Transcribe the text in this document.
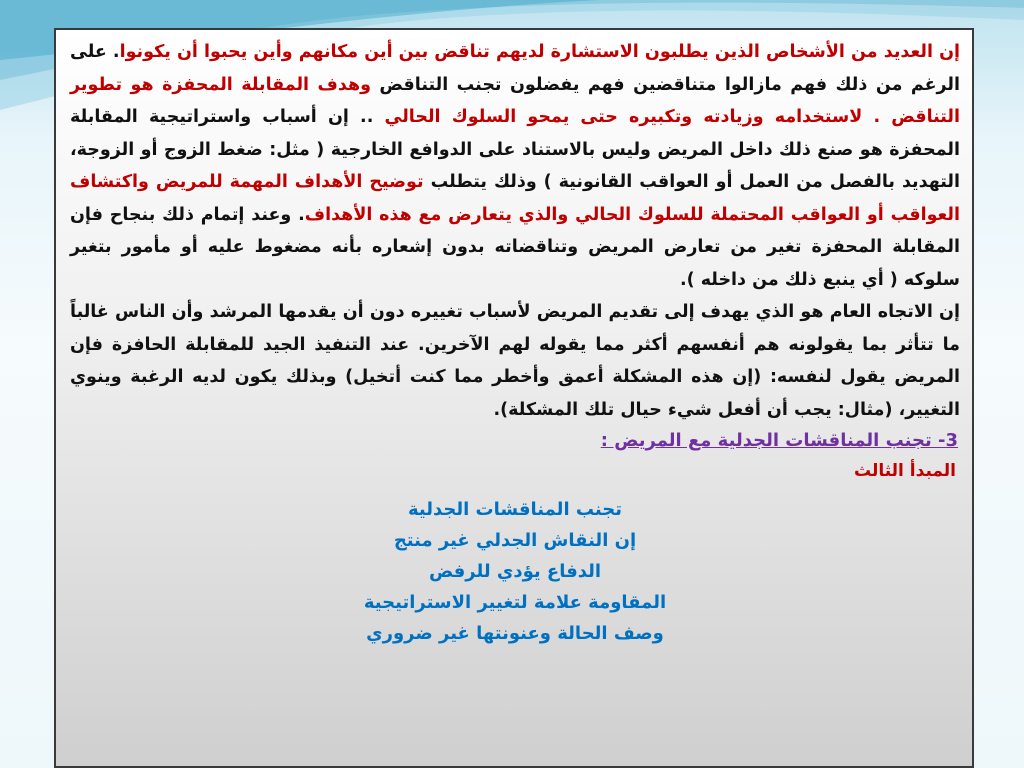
إن العديد من الأشخاص الذين يطلبون الاستشارة لديهم تناقض بين أين مكانهم وأين يحبوا أن يكونوا. على الرغم من ذلك فهم مازالوا متناقضين فهم يفضلون تجنب التناقض وهدف المقابلة المحفزة هو تطوير التناقض . لاستخدامه وزيادته وتكبيره حتى يمحو السلوك الحالي .. إن أسباب واستراتيجية المقابلة المحفزة هو صنع ذلك داخل المريض وليس بالاستناد على الدوافع الخارجية ( مثل: ضغط الزوج أو الزوجة، التهديد بالفصل من العمل أو العواقب القانونية ) وذلك يتطلب توضيح الأهداف المهمة للمريض واكتشاف العواقب أو العواقب المحتملة للسلوك الحالي والذي يتعارض مع هذه الأهداف. وعند إتمام ذلك بنجاح فإن المقابلة المحفزة تغير من تعارض المريض وتناقضاته بدون إشعاره بأنه مضغوط عليه أو مأمور بتغير سلوكه ( أي ينبع ذلك من داخله ).

إن الاتجاه العام هو الذي يهدف إلى تقديم المريض لأسباب تغييره دون أن يقدمها المرشد وأن الناس غالباً ما تتأثر بما يقولونه هم أنفسهم أكثر مما يقوله لهم الآخرين. عند التنفيذ الجيد للمقابلة الحافزة فإن المريض يقول لنفسه: (إن هذه المشكلة أعمق وأخطر مما كنت أتخيل) وبذلك يكون لديه الرغبة وينوي التغيير، (مثال: يجب أن أفعل شيء حيال تلك المشكلة).

3- تجنب المناقشات الجدلية مع المريض :

المبدأ الثالث

تجنب المناقشات الجدلية
إن النقاش الجدلي غير منتج
الدفاع يؤدي للرفض
المقاومة علامة لتغيير الاستراتيجية
وصف الحالة وعنونتها غير ضروري
